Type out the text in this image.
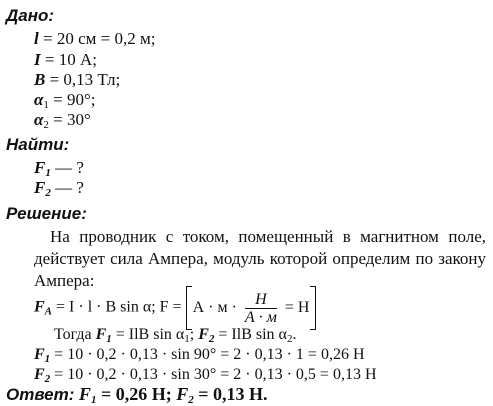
Дано:
l = 20 см = 0,2 м;
I = 10 А;
B = 0,13 Тл;
$\alpha_1 = 90^\circ$;
$\alpha_2 = 30^\circ$
Найти:
$F_1$ — ?
$F_2$ — ?
Решение:
На проводник с током, помещенный в магнитном поле, действует сила Ампера, модуль которой определим по закону Ампера:
$F_A = I \cdot l \cdot B$ sin α; $F = А \cdot м \cdot \frac{Н}{А \cdot м} = Н$
Тогда $F_1$ = IlB $\sin \alpha_1$; $F_2$ = IlB $\sin \alpha_2$.
$F_1 = 10 \cdot 0,2 \cdot 0,13 \cdot \sin 90^\circ = 2 \cdot 0,13 \cdot 1 = 0,26$ Н
$F_2 = 10 \cdot 0,2 \cdot 0,13 \cdot \sin 30^\circ = 2 \cdot 0,13 \cdot 0,5 = 0,13$ Н
Ответ: $F_1 = 0,26$ Н; $F_2 = 0,13$ Н.
